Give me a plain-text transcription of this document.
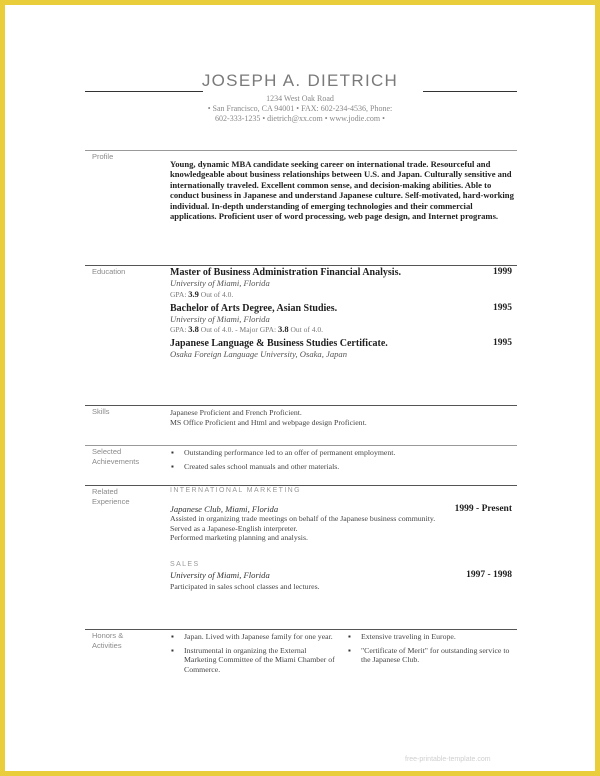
JOSEPH A. DIETRICH
1234 West Oak Road
• San Francisco, CA 94001 • FAX: 602-234-4536, Phone:
602-333-1235 • dietrich@xx.com • www.jodie.com •
Profile
Young, dynamic MBA candidate seeking career on international trade. Resourceful and knowledgeable about business relationships between U.S. and Japan. Culturally sensitive and internationally traveled. Excellent common sense, and decision-making abilities. Able to conduct business in Japanese and understand Japanese culture. Self-motivated, hard-working individual. In-depth understanding of emerging technologies and their commercial applications. Proficient user of word processing, web page design, and Internet programs.
Education	Master of Business Administration Financial Analysis.	1999
University of Miami, Florida
GPA: 3.9 Out of 4.0.
Bachelor of Arts Degree, Asian Studies.	1995
University of Miami, Florida
GPA: 3.8 Out of 4.0. - Major GPA: 3.8 Out of 4.0.
Japanese Language & Business Studies Certificate.	1995
Osaka Foreign Language University, Osaka, Japan
Skills	Japanese Proficient and French Proficient.
MS Office Proficient and Html and webpage design Proficient.
Selected
Achievements
▪ Outstanding performance led to an offer of permanent employment.
▪ Created sales school manuals and other materials.
Related
Experience
INTERNATIONAL MARKETING
Japanese Club, Miami, Florida	1999 - Present
Assisted in organizing trade meetings on behalf of the Japanese business community.
Served as a Japanese-English interpreter.
Performed marketing planning and analysis.
SALES
University of Miami, Florida	1997 - 1998
Participated in sales school classes and lectures.
Honors &
Activities
▪ Japan. Lived with Japanese family for one year.
▪ Instrumental in organizing the External Marketing Committee of the Miami Chamber of Commerce.
▪ Extensive traveling in Europe.
▪ "Certificate of Merit" for outstanding service to the Japanese Club.
free-printable-template.com
